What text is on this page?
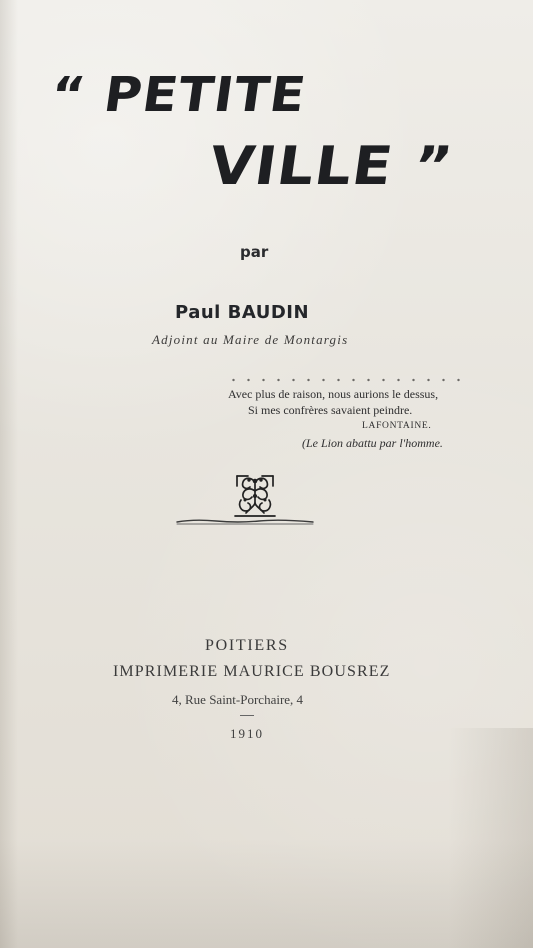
“ PETITE
VILLE ”
par
Paul BAUDIN
Adjoint au Maire de Montargis
Avec plus de raison, nous aurions le dessus,
Si mes confrères savaient peindre.
LAFONTAINE.
(Le Lion abattu par l'homme.
POITIERS
IMPRIMERIE MAURICE BOUSREZ
4, Rue Saint-Porchaire, 4
1910
